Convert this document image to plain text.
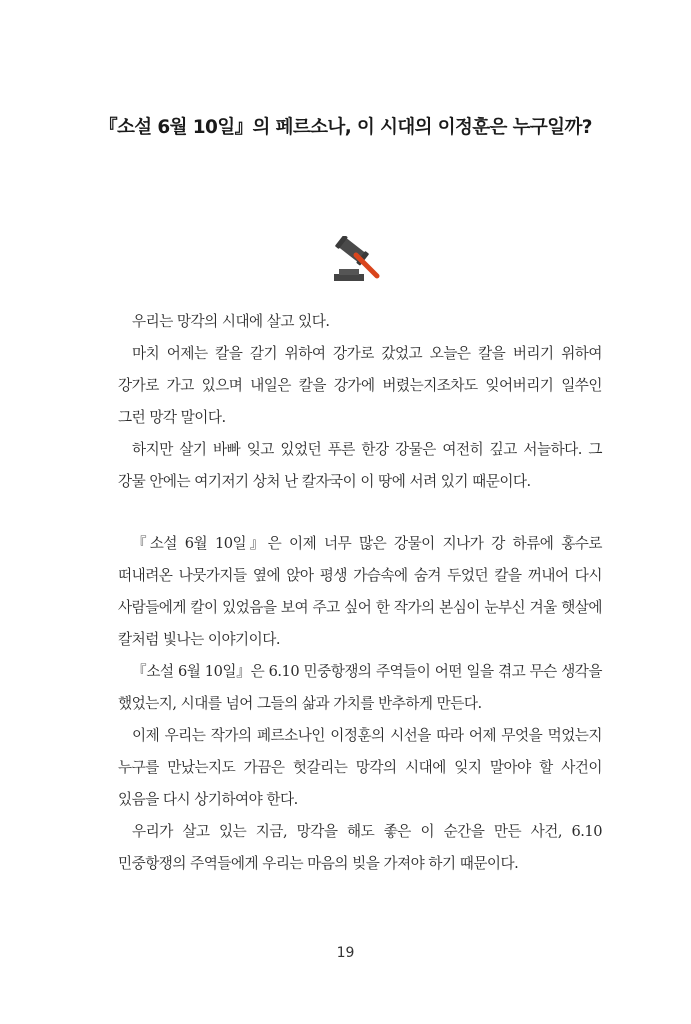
『소설 6월 10일』의 페르소나, 이 시대의 이정훈은 누구일까?

우리는 망각의 시대에 살고 있다.

마치 어제는 칼을 갈기 위하여 강가로 갔었고 오늘은 칼을 버리기 위하여 강가로 가고 있으며 내일은 칼을 강가에 버렸는지조차도 잊어버리기 일쑤인 그런 망각 말이다.

하지만 살기 바빠 잊고 있었던 푸른 한강 강물은 여전히 깊고 서늘하다. 그 강물 안에는 여기저기 상처 난 칼자국이 이 땅에 서려 있기 때문이다.

『소설 6월 10일』은 이제 너무 많은 강물이 지나가 강 하류에 홍수로 떠내려온 나뭇가지들 옆에 앉아 평생 가슴속에 숨겨 두었던 칼을 꺼내어 다시 사람들에게 칼이 있었음을 보여 주고 싶어 한 작가의 본심이 눈부신 겨울 햇살에 칼처럼 빛나는 이야기이다.

『소설 6월 10일』은 6.10 민중항쟁의 주역들이 어떤 일을 겪고 무슨 생각을 했었는지, 시대를 넘어 그들의 삶과 가치를 반추하게 만든다.

이제 우리는 작가의 페르소나인 이정훈의 시선을 따라 어제 무엇을 먹었는지 누구를 만났는지도 가끔은 헛갈리는 망각의 시대에 잊지 말아야 할 사건이 있음을 다시 상기하여야 한다.

우리가 살고 있는 지금, 망각을 해도 좋은 이 순간을 만든 사건, 6.10 민중항쟁의 주역들에게 우리는 마음의 빚을 가져야 하기 때문이다.

19
